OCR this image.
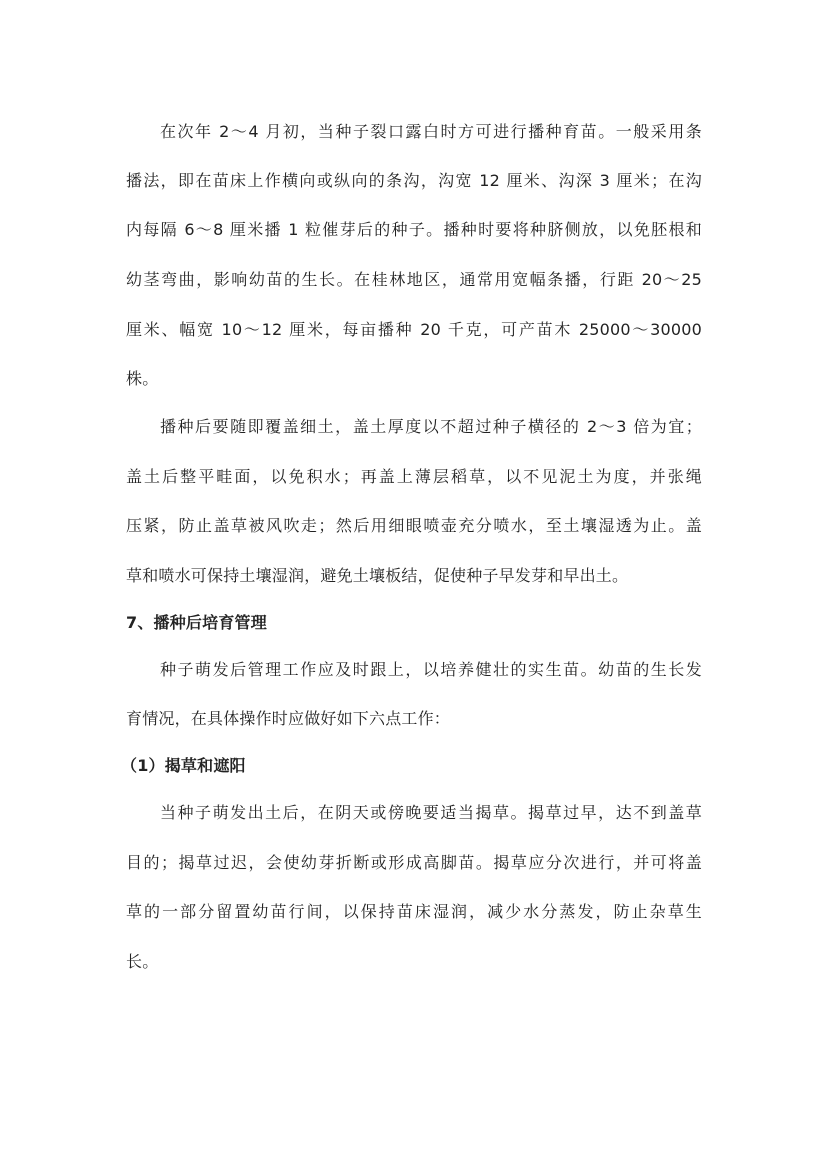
在次年 2～4 月初，当种子裂口露白时方可进行播种育苗。一般采用条
播法，即在苗床上作横向或纵向的条沟，沟宽 12 厘米、沟深 3 厘米；在沟
内每隔 6～8 厘米播 1 粒催芽后的种子。播种时要将种脐侧放，以免胚根和
幼茎弯曲，影响幼苗的生长。在桂林地区，通常用宽幅条播，行距 20～25
厘米、幅宽 10～12 厘米，每亩播种 20 千克，可产苗木 25000～30000
株。
播种后要随即覆盖细土，盖土厚度以不超过种子横径的 2～3 倍为宜；
盖土后整平畦面，以免积水；再盖上薄层稻草，以不见泥土为度，并张绳
压紧，防止盖草被风吹走；然后用细眼喷壶充分喷水，至土壤湿透为止。盖
草和喷水可保持土壤湿润，避免土壤板结，促使种子早发芽和早出土。
7、播种后培育管理
种子萌发后管理工作应及时跟上，以培养健壮的实生苗。幼苗的生长发
育情况，在具体操作时应做好如下六点工作：
（1）揭草和遮阳
当种子萌发出土后，在阴天或傍晚要适当揭草。揭草过早，达不到盖草
目的；揭草过迟，会使幼芽折断或形成高脚苗。揭草应分次进行，并可将盖
草的一部分留置幼苗行间，以保持苗床湿润，减少水分蒸发，防止杂草生
长。
